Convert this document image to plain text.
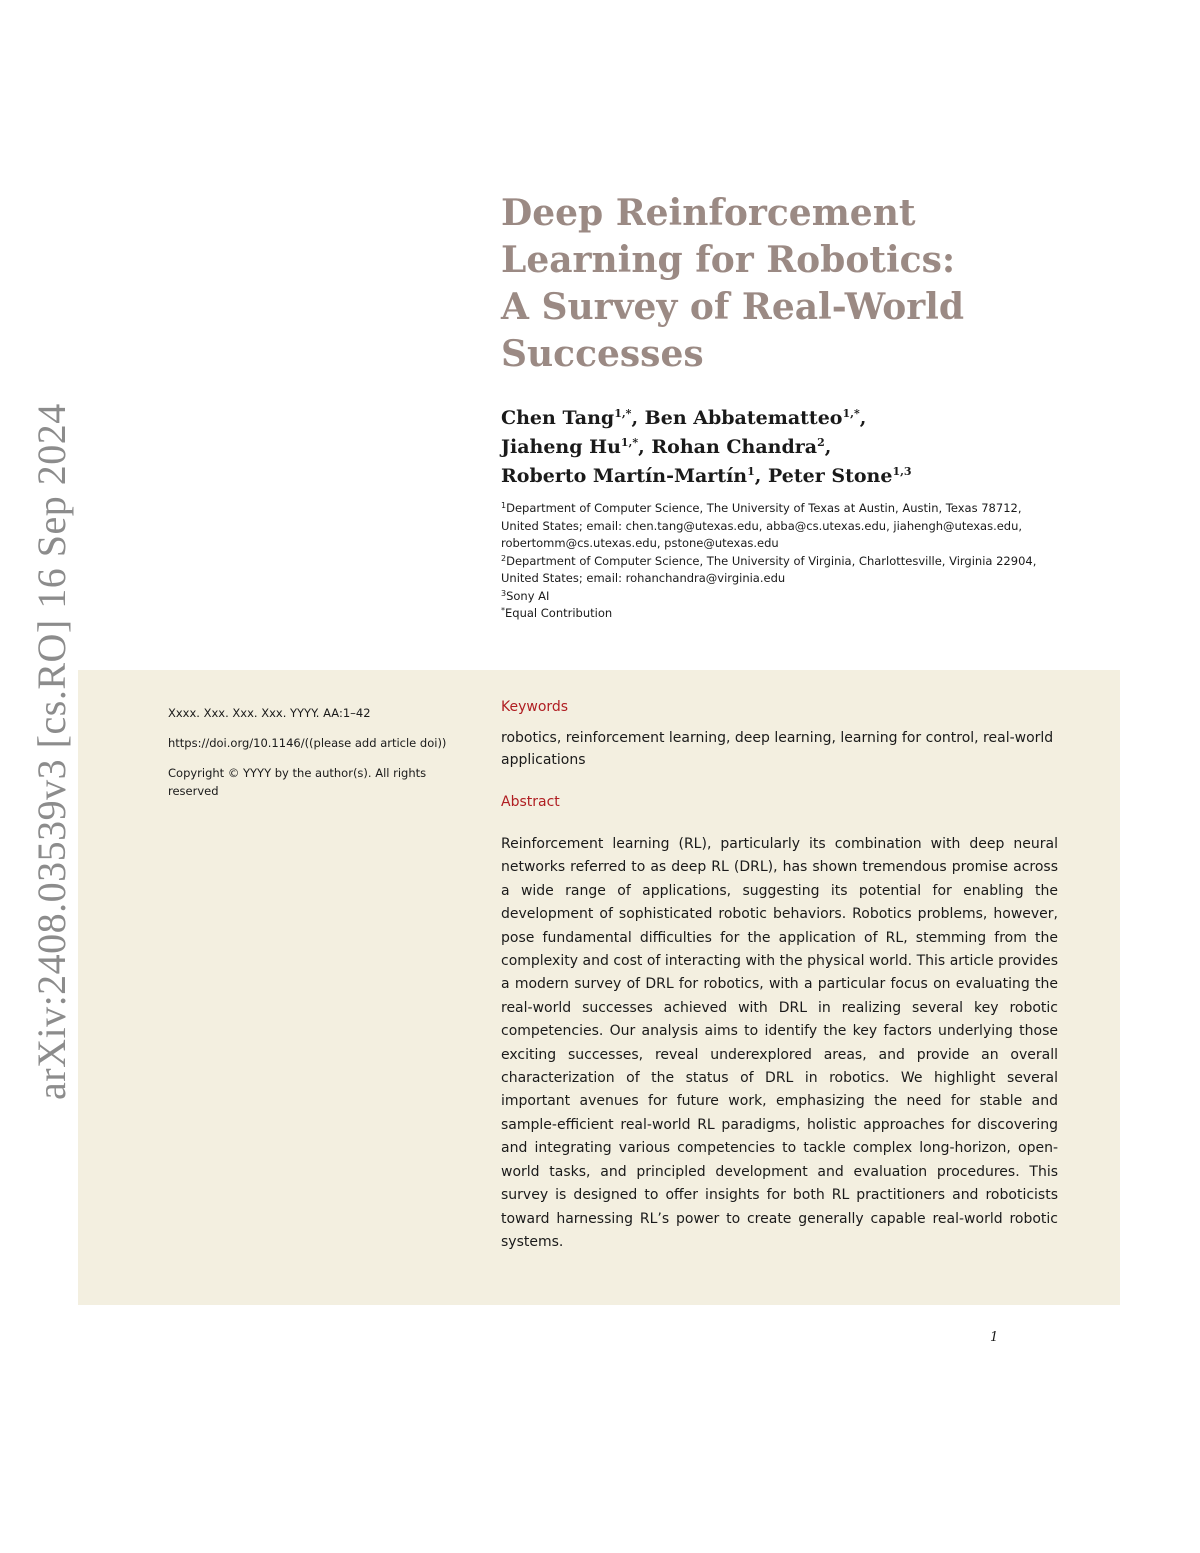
arXiv:2408.03539v3 [cs.RO] 16 Sep 2024
Deep Reinforcement
Learning for Robotics:
A Survey of Real-World
Successes
Chen Tang$^{1,*}$, Ben Abbatematteo$^{1,*}$,
Jiaheng $Hu^{1,*}$, Rohan Chandra$^2$,
Roberto Martín-Martín$^1$, Peter Stone$^{1,3}$

$^1$Department of Computer Science, The University of Texas at Austin, Austin, Texas 78712, United States; email: chen.tang@utexas.edu, abba@cs.utexas.edu, jiahengh@utexas.edu, robertomm@cs.utexas.edu, pstone@utexas.edu

$^2$Department of Computer Science, The University of Virginia, Charlottesville, Virginia 22904, United States; email: rohanchandra@virginia.edu

$^3$Sony AI

*Equal Contribution

Xxxx. Xxx. Xxx. Xxx. YYYY. AA:1–42

https://doi.org/10.1146/((please add article doi))

Copyright © YYYY by the author(s). All rights reserved

Keywords

robotics, reinforcement learning, deep learning, learning for control, real-world applications

Abstract

Reinforcement learning (RL), particularly its combination with deep neural networks referred to as deep RL (DRL), has shown tremendous promise across a wide range of applications, suggesting its potential for enabling the development of sophisticated robotic behaviors. Robotics problems, however, pose fundamental difficulties for the application of RL, stemming from the complexity and cost of interacting with the physical world. This article provides a modern survey of DRL for robotics, with a particular focus on evaluating the real-world successes achieved with DRL in realizing several key robotic competencies. Our analysis aims to identify the key factors underlying those exciting successes, reveal underexplored areas, and provide an overall characterization of the status of DRL in robotics. We highlight several important avenues for future work, emphasizing the need for stable and sample-efficient real-world RL paradigms, holistic approaches for discovering and integrating various competencies to tackle complex long-horizon, open-world tasks, and principled development and evaluation procedures. This survey is designed to offer insights for both RL practitioners and roboticists toward harnessing RL’s power to create generally capable real-world robotic systems.

1
